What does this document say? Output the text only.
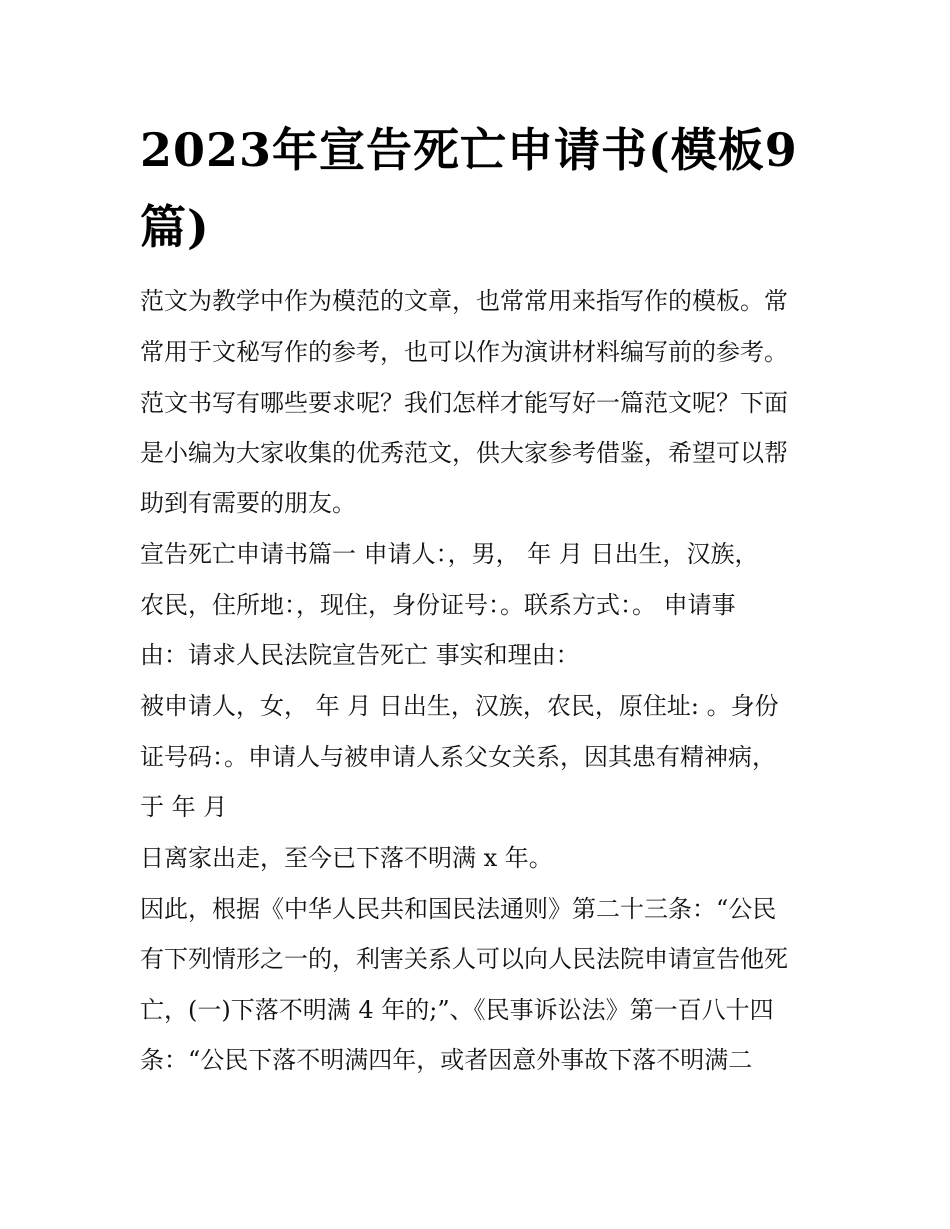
2023年宣告死亡申请书(模板9篇)

范文为教学中作为模范的文章，也常常用来指写作的模板。常

常用于文秘写作的参考，也可以作为演讲材料编写前的参考。

范文书写有哪些要求呢？我们怎样才能写好一篇范文呢？下面

是小编为大家收集的优秀范文，供大家参考借鉴，希望可以帮

助到有需要的朋友。

宣告死亡申请书篇一 申请人：，男， 年 月 日出生，汉族，

农民，住所地：，现住，身份证号：。联系方式：。 申请事

由：请求人民法院宣告死亡 事实和理由：

被申请人，女， 年 月 日出生，汉族，农民，原住址: 。身份

证号码：。申请人与被申请人系父女关系，因其患有精神病，

于 年 月

日离家出走，至今已下落不明满 x 年。

因此，根据《中华人民共和国民法通则》第二十三条：“公民

有下列情形之一的，利害关系人可以向人民法院申请宣告他死

亡，(一)下落不明满 4 年的;”、《民事诉讼法》第一百八十四

条：“公民下落不明满四年，或者因意外事故下落不明满二
